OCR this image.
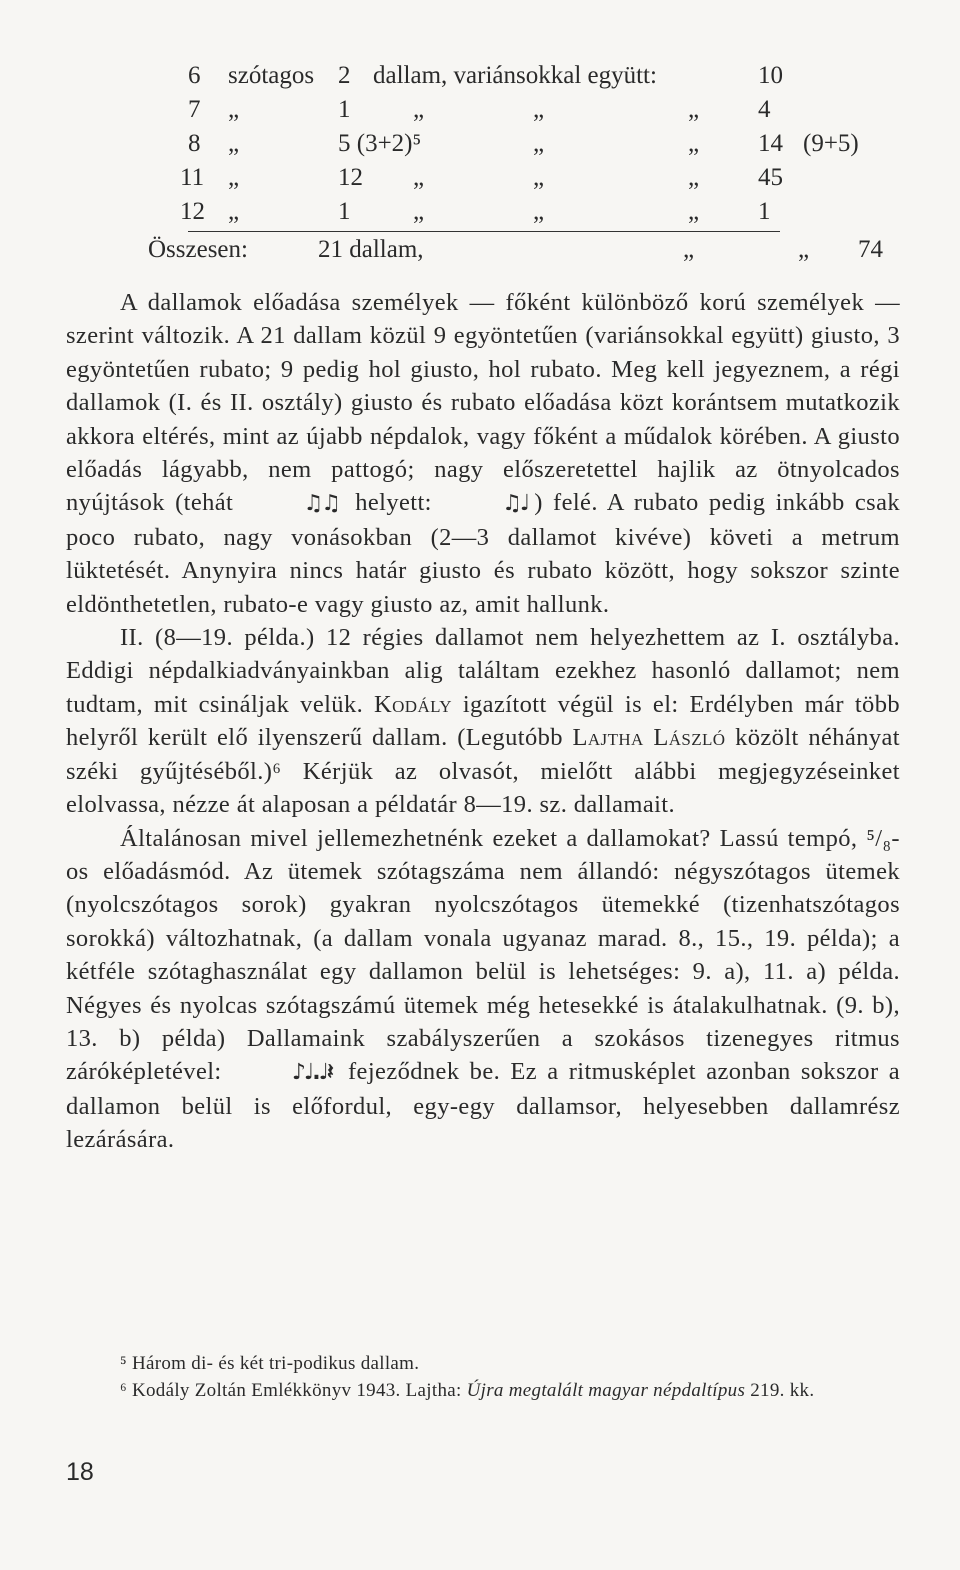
6 szótagos 2 dallam, variánsokkal együtt:	10
7 „	1	„	„	„ 4
8 „	5 (3+2)⁵	„	„ 14 (9+5)
11 „	12 „	„	„ 45
12 „	1	„	„	„ 1
Összesen:	21 dallam,	„	„ 74

A dallamok előadása személyek — főként különböző korú személyek — szerint változik. A 21 dallam közül 9 egyöntetűen (variánsokkal együtt) giusto, 3 egyöntetűen rubato; 9 pedig hol giusto, hol rubato. Meg kell jegyeznem, a régi dallamok (I. és II. osztály) giusto és rubato előadása közt korántsem mutatkozik akkora eltérés, mint az újabb népdalok, vagy főként a műdalok körében. A giusto előadás lágyabb, nem pattogó; nagy előszeretettel hajlik az ötnyolcados nyújtások (tehát	♫♫ helyett:	♫♩ ) felé. A rubato pedig inkább csak poco rubato, nagy vonásokban (2—3 dallamot kivéve) követi a metrum lüktetését. Anynyira nincs határ giusto és rubato között, hogy sokszor szinte eldönthetetlen, rubato-e vagy giusto az, amit hallunk.

II. (8—19. példa.) 12 régies dallamot nem helyezhettem az I. osztályba. Eddigi népdalkiadványainkban alig találtam ezekhez hasonló dallamot; nem tudtam, mit csináljak velük. Kodály igazított végül is el: Erdélyben már több helyről került elő ilyenszerű dallam. (Legutóbb Lajtha László közölt néhányat széki gyűjtéséből.)⁶ Kérjük az olvasót, mielőtt alábbi megjegyzéseinket elolvassa, nézze át alaposan a példatár 8—19. sz. dallamait.

Általánosan mivel jellemezhetnénk ezeket a dallamokat? Lassú tempó, ⁵/₈-os előadásmód. Az ütemek szótagszáma nem állandó: négyszótagos ütemek (nyolcszótagos sorok) gyakran nyolcszótagos ütemekké (tizenhatszótagos sorokká) változhatnak, (a dallam vonala ugyanaz marad. 8., 15., 19. példa); a kétféle szótaghasználat egy dallamon belül is lehetséges: 9. a), 11. a) példa. Négyes és nyolcas szótagszámú ütemek még hetesekké is átalakulhatnak. (9. b), 13. b) példa) Dallamaink szabályszerűen a szokásos tizenegyes ritmus záróképletével:	♪♩.♩𝄽 fejeződnek be. Ez a ritmusképlet azonban sokszor a dallamon belül is előfordul, egy-egy dallamsor, helyesebben dallamrész lezárására.

⁵ Három di- és két tri-podikus dallam.

⁶ Kodály Zoltán Emlékkönyv 1943. Lajtha: Újra megtalált magyar népdaltípus 219. kk.

18
